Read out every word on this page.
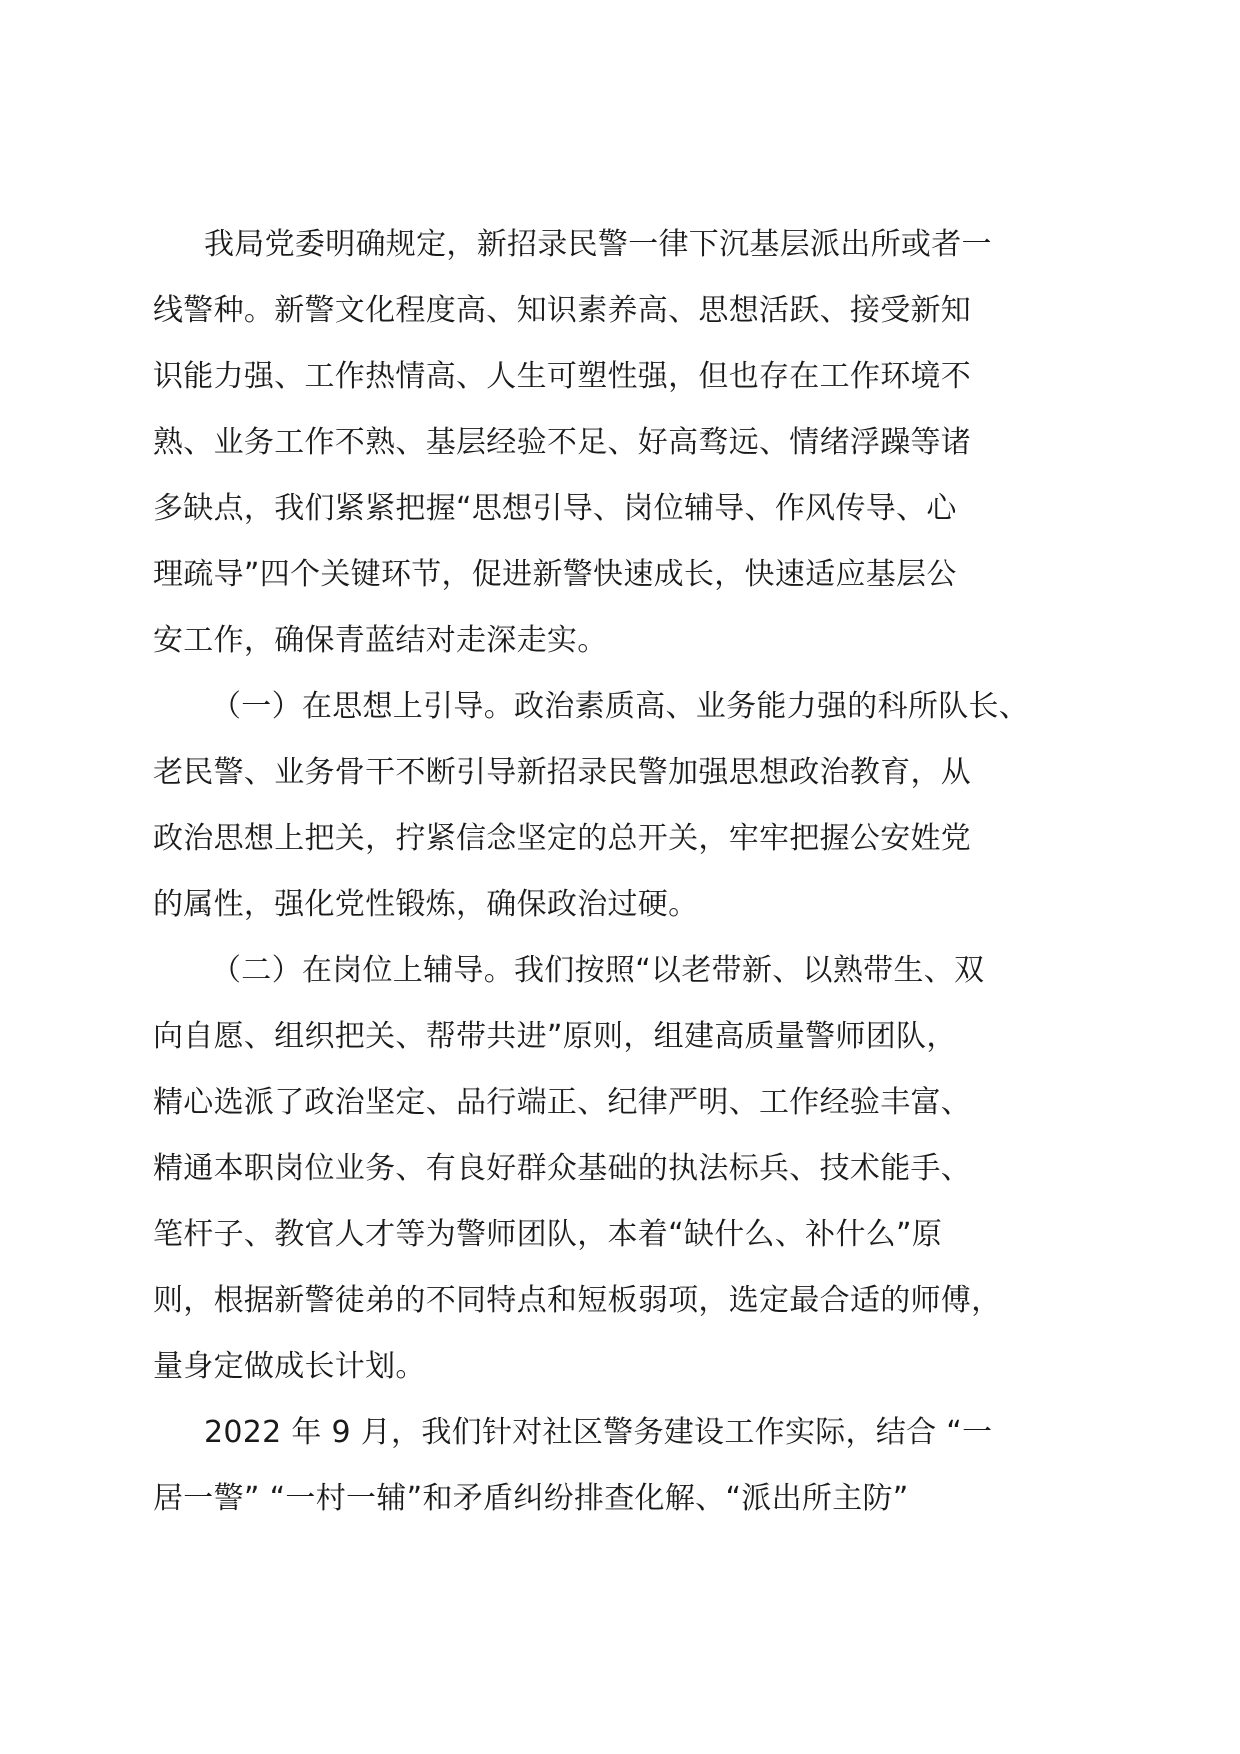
我局党委明确规定，新招录民警一律下沉基层派出所或者一
线警种。新警文化程度高、知识素养高、思想活跃、接受新知
识能力强、工作热情高、人生可塑性强，但也存在工作环境不
熟、业务工作不熟、基层经验不足、好高骛远、情绪浮躁等诸
多缺点，我们紧紧把握“思想引导、岗位辅导、作风传导、心
理疏导”四个关键环节，促进新警快速成长，快速适应基层公
安工作，确保青蓝结对走深走实。
（一）在思想上引导。政治素质高、业务能力强的科所队长、
老民警、业务骨干不断引导新招录民警加强思想政治教育，从
政治思想上把关，拧紧信念坚定的总开关，牢牢把握公安姓党
的属性，强化党性锻炼，确保政治过硬。
（二）在岗位上辅导。我们按照“以老带新、以熟带生、双
向自愿、组织把关、帮带共进”原则，组建高质量警师团队，
精心选派了政治坚定、品行端正、纪律严明、工作经验丰富、
精通本职岗位业务、有良好群众基础的执法标兵、技术能手、
笔杆子、教官人才等为警师团队，本着“缺什么、补什么”原
则，根据新警徒弟的不同特点和短板弱项，选定最合适的师傅，
量身定做成长计划。
2022 年 9 月，我们针对社区警务建设工作实际，结合 “一
居一警” “一村一辅”和矛盾纠纷排查化解、“派出所主防”
